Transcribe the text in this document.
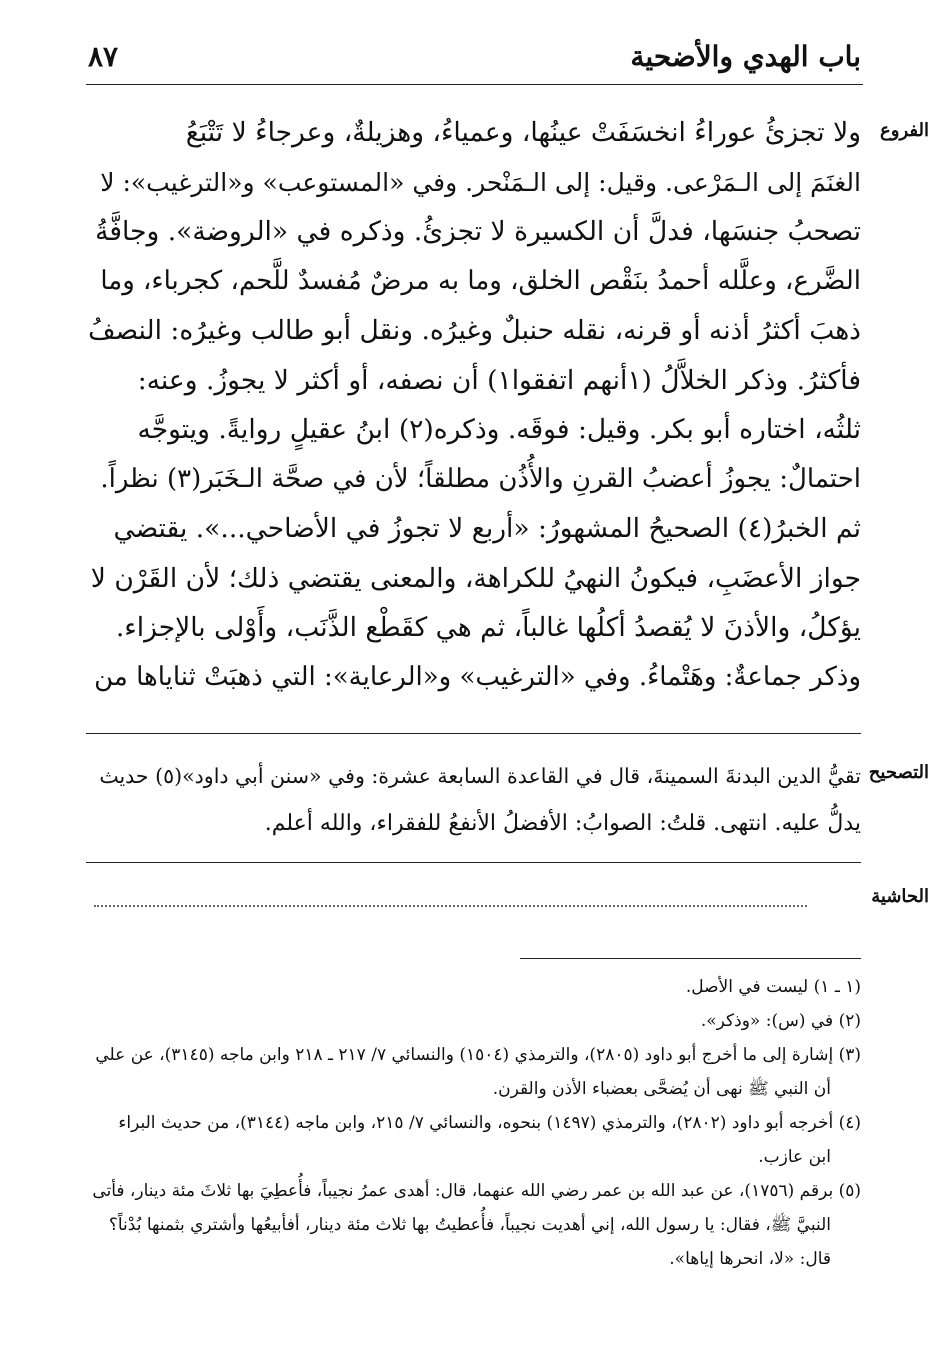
باب الهدي والأضحية
٨٧
الفروع
ولا تجزئُ عوراءُ انخسَفَتْ عينُها، وعمياءُ، وهزيلةٌ، وعرجاءُ لا تَتْبَعُ
الغنَمَ إلى الـمَرْعى. وقيل: إلى الـمَنْحر. وفي «المستوعب» و«الترغيب»: لا
تصحبُ جنسَها، فدلَّ أن الكسيرة لا تجزئُ. وذكره في «الروضة». وجافَّةُ
الضَّرع، وعلَّله أحمدُ بنَقْص الخلق، وما به مرضٌ مُفسدٌ للَّحم، كجرباء، وما
ذهبَ أكثرُ أذنه أو قرنه، نقله حنبلٌ وغيرُه. ونقل أبو طالب وغيرُه: النصفُ
فأكثرُ. وذكر الخلاَّلُ (١أنهم اتفقوا١) أن نصفه، أو أكثر لا يجوزُ. وعنه:
ثلثُه، اختاره أبو بكر. وقيل: فوقَه. وذكره(٢) ابنُ عقيلٍ روايةً. ويتوجَّه
احتمالٌ: يجوزُ أعضبُ القرنِ والأُذُن مطلقاً؛ لأن في صحَّة الـخَبَر(٣) نظراً.
ثم الخبرُ(٤) الصحيحُ المشهورُ: «أربع لا تجوزُ في الأضاحي...». يقتضي
جواز الأعضَبِ، فيكونُ النهيُ للكراهة، والمعنى يقتضي ذلك؛ لأن القَرْن لا
يؤكلُ، والأذنَ لا يُقصدُ أكلُها غالباً، ثم هي كقَطْع الذَّنَب، وأَوْلى بالإجزاء.
وذكر جماعةٌ: وهَتْماءُ. وفي «الترغيب» و«الرعاية»: التي ذهبَتْ ثناياها من
التصحيح
تقيُّ الدين البدنةَ السمينةَ، قال في القاعدة السابعة عشرة: وفي «سنن أبي داود»(٥) حديث
يدلُّ عليه. انتهى. قلتُ: الصوابُ: الأفضلُ الأنفعُ للفقراء، والله أعلم.
الحاشية
(١ ـ ١) ليست في الأصل.
(٢) في (س): «وذكر».
(٣) إشارة إلى ما أخرج أبو داود (٢٨٠٥)، والترمذي (١٥٠٤) والنسائي ٧/ ٢١٧ ـ ٢١٨ وابن ماجه (٣١٤٥)، عن علي
أن النبي ﷺ نهى أن يُضحَّى بعضباء الأذن والقرن.
(٤) أخرجه أبو داود (٢٨٠٢)، والترمذي (١٤٩٧) بنحوه، والنسائي ٧/ ٢١٥، وابن ماجه (٣١٤٤)، من حديث البراء
ابن عازب.
(٥) برقم (١٧٥٦)، عن عبد الله بن عمر رضي الله عنهما، قال: أهدى عمرُ نجيباً، فأُعطِيَ بها ثلاثَ مئة دينار، فأتى
النبيَّ ﷺ، فقال: يا رسول الله، إني أهديت نجيباً، فأُعطيتُ بها ثلاث مئة دينار، أفأبيعُها وأشتري بثمنها بُدْناً؟
قال: «لا، انحرها إياها».
